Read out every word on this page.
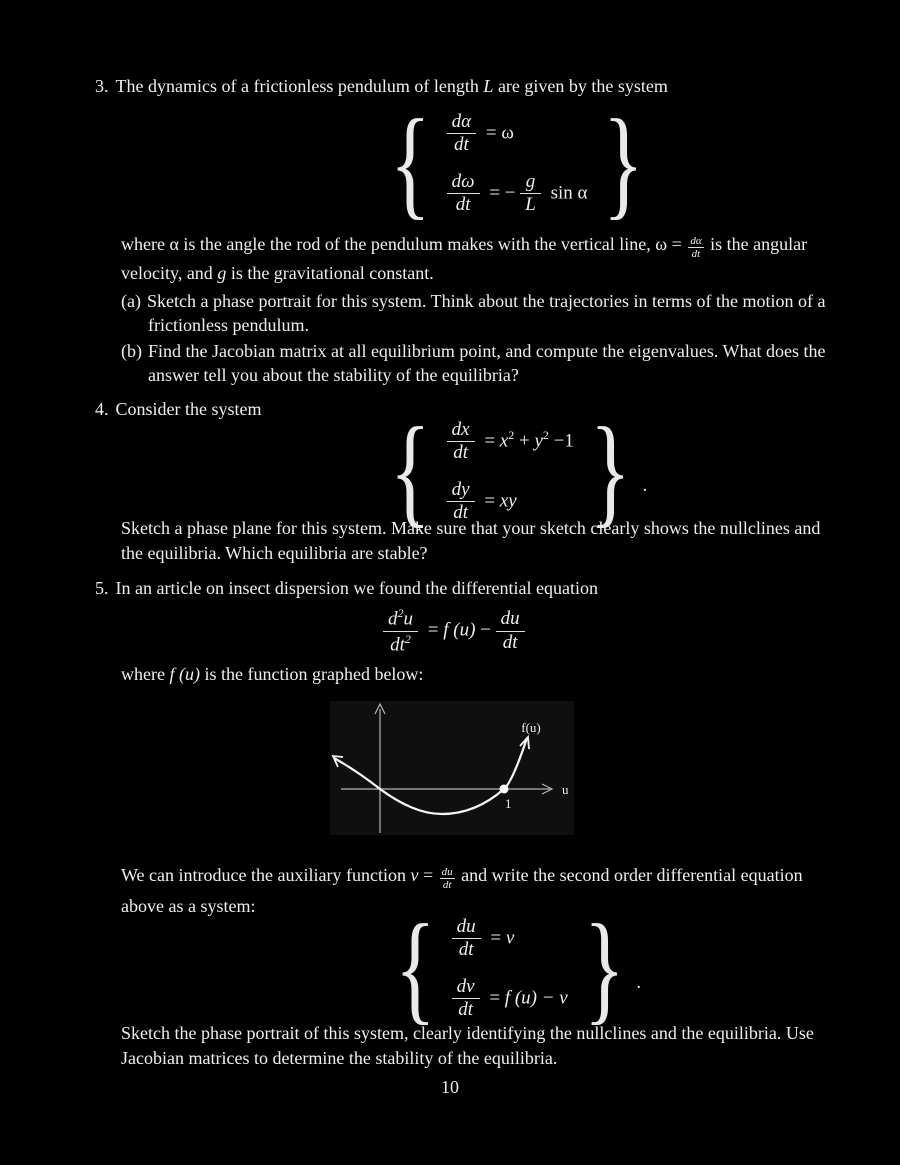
3. The dynamics of a frictionless pendulum of length L are given by the system

{ $\frac{d\alpha}{dt} = \omega$
$\frac{d\omega}{dt}$ = − $\frac{g}{L}$ sin α }

where α is the angle the rod of the pendulum makes with the vertical line, $\omega = \frac{d\alpha}{dt}$ is the angular velocity, and g is the gravitational constant.

(a) Sketch a phase portrait for this system. Think about the trajectories in terms of the motion of a frictionless pendulum.

(b) Find the Jacobian matrix at all equilibrium point, and compute the eigenvalues. What does the answer tell you about the stability of the equilibria?

4. Consider the system { $\frac{dx}{dt} = x^2 + y^2 -1$
$\frac{dy}{dt}$ = xy } .

Sketch a phase plane for this system. Make sure that your sketch clearly shows the nullclines and the equilibria. Which equilibria are stable?

5. In an article on insect dispersion we found the differential equation

$\frac{d^2u}{dt^2} = f$ $(u) - \frac{du}{dt}$

where f (u) is the function graphed below:

f(u)
u
1

We can introduce the auxiliary function $v = \frac{du}{dt}$ and write the second order differential equation above as a system:	{ $\frac{du}{dt} = v$
$\frac{dv}{dt} = f$ (u) − v } .

Sketch the phase portrait of this system, clearly identifying the nullclines and the equilibria. Use Jacobian matrices to determine the stability of the equilibria.

10
